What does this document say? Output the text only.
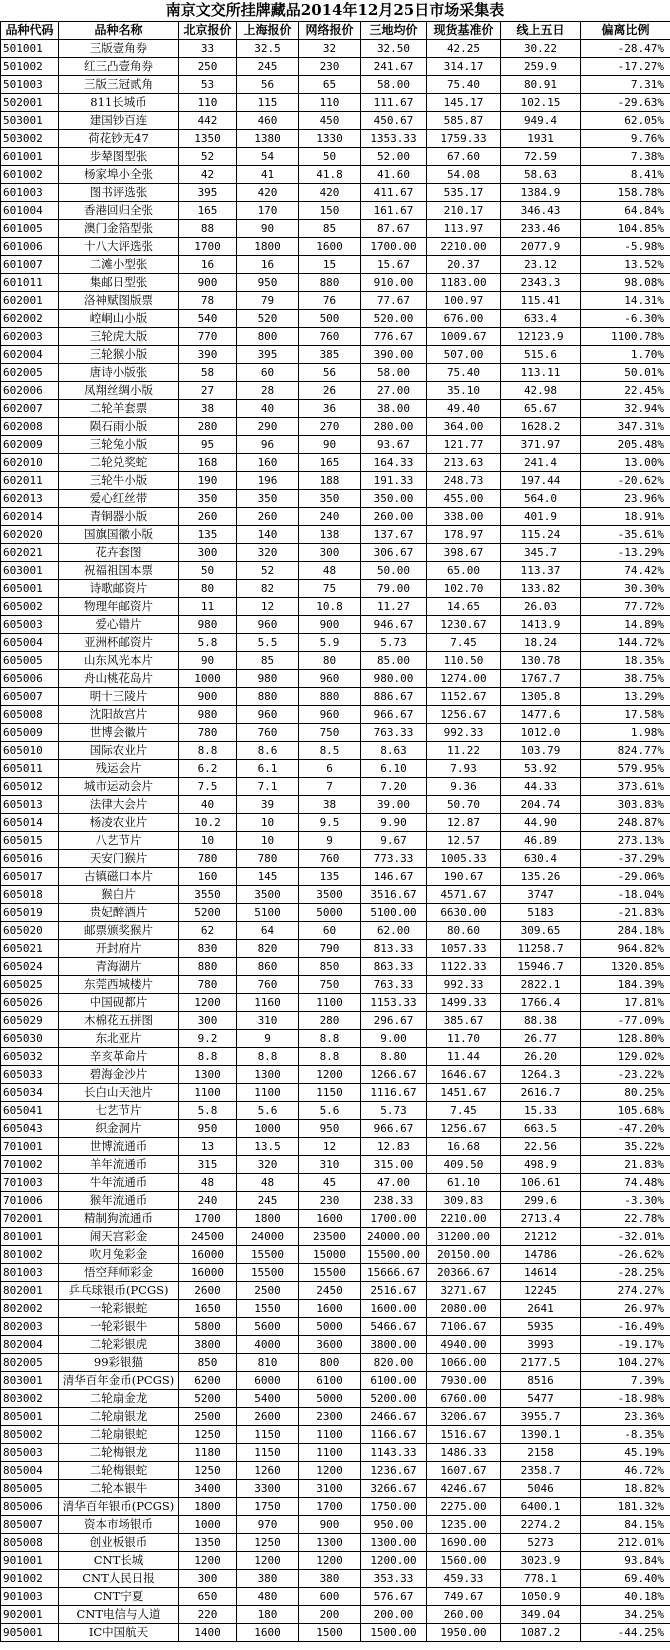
南京文交所挂牌藏品2014年12月25日市场采集表
品种代码	品种名称	北京报价	上海报价	网络报价	三地均价	现货基准价	线上五日	偏离比例
501001	三版壹角券	33	32.5	32	32.50	42.25	30.22	-28.47%
501002	红三凸壹角券	250	245	230	241.67	314.17	259.9	-17.27%
501003	三版三冠贰角	53	56	65	58.00	75.40	80.91	7.31%
502001	811长城币	110	115	110	111.67	145.17	102.15	-29.63%
503001	建国钞百连	442	460	450	450.67	585.87	949.4	62.05%
503002	荷花钞无47	1350	1380	1330	1353.33	1759.33	1931	9.76%
601001	步辇图型张	52	54	50	52.00	67.60	72.59	7.38%
601002	杨家埠小全张	42	41	41.8	41.60	54.08	58.63	8.41%
601003	图书评选张	395	420	420	411.67	535.17	1384.9	158.78%
601004	香港回归全张	165	170	150	161.67	210.17	346.43	64.84%
601005	澳门金箔型张	88	90	85	87.67	113.97	233.46	104.85%
601006	十八大评选张	1700	1800	1600	1700.00	2210.00	2077.9	-5.98%
601007	二滩小型张	16	16	15	15.67	20.37	23.12	13.52%
601011	集邮日型张	900	950	880	910.00	1183.00	2343.3	98.08%
602001	洛神赋图版票	78	79	76	77.67	100.97	115.41	14.31%
602002	崆峒山小版	540	520	500	520.00	676.00	633.4	-6.30%
602003	三轮虎大版	770	800	760	776.67	1009.67	12123.9	1100.78%
602004	三轮猴小版	390	395	385	390.00	507.00	515.6	1.70%
602005	唐诗小版张	58	60	56	58.00	75.40	113.11	50.01%
602006	凤翔丝绸小版	27	28	26	27.00	35.10	42.98	22.45%
602007	二轮羊套票	38	40	36	38.00	49.40	65.67	32.94%
602008	陨石雨小版	280	290	270	280.00	364.00	1628.2	347.31%
602009	三轮兔小版	95	96	90	93.67	121.77	371.97	205.48%
602010	二轮兑奖蛇	168	160	165	164.33	213.63	241.4	13.00%
602011	三轮牛小版	190	196	188	191.33	248.73	197.44	-20.62%
602013	爱心红丝带	350	350	350	350.00	455.00	564.0	23.96%
602014	青铜器小版	260	260	240	260.00	338.00	401.9	18.91%
602020	国旗国徽小版	135	140	138	137.67	178.97	115.24	-35.61%
602021	花卉套图	300	320	300	306.67	398.67	345.7	-13.29%
603001	祝福祖国本票	50	52	48	50.00	65.00	113.37	74.42%
605001	诗歌邮资片	80	82	75	79.00	102.70	133.82	30.30%
605002	物理年邮资片	11	12	10.8	11.27	14.65	26.03	77.72%
605003	爱心错片	980	960	900	946.67	1230.67	1413.9	14.89%
605004	亚洲杯邮资片	5.8	5.5	5.9	5.73	7.45	18.24	144.72%
605005	山东风光本片	90	85	80	85.00	110.50	130.78	18.35%
605006	舟山桃花岛片	1000	980	960	980.00	1274.00	1767.7	38.75%
605007	明十三陵片	900	880	880	886.67	1152.67	1305.8	13.29%
605008	沈阳故宫片	980	960	960	966.67	1256.67	1477.6	17.58%
605009	世博会徽片	780	760	750	763.33	992.33	1012.0	1.98%
605010	国际农业片	8.8	8.6	8.5	8.63	11.22	103.79	824.77%
605011	残运会片	6.2	6.1	6	6.10	7.93	53.92	579.95%
605012	城市运动会片	7.5	7.1	7	7.20	9.36	44.33	373.61%
605013	法律大会片	40	39	38	39.00	50.70	204.74	303.83%
605014	杨凌农业片	10.2	10	9.5	9.90	12.87	44.90	248.87%
605015	八艺节片	10	10	9	9.67	12.57	46.89	273.13%
605016	天安门猴片	780	780	760	773.33	1005.33	630.4	-37.29%
605017	古镇磁口本片	160	145	135	146.67	190.67	135.26	-29.06%
605018	猴白片	3550	3500	3500	3516.67	4571.67	3747	-18.04%
605019	贵妃醉酒片	5200	5100	5000	5100.00	6630.00	5183	-21.83%
605020	邮票颁奖猴片	62	64	60	62.00	80.60	309.65	284.18%
605021	开封府片	830	820	790	813.33	1057.33	11258.7	964.82%
605024	青海湖片	880	860	850	863.33	1122.33	15946.7	1320.85%
605025	东莞西城楼片	780	760	750	763.33	992.33	2822.1	184.39%
605026	中国砚都片	1200	1160	1100	1153.33	1499.33	1766.4	17.81%
605029	木棉花五拼图	300	310	280	296.67	385.67	88.38	-77.09%
605030	东北亚片	9.2	9	8.8	9.00	11.70	26.77	128.80%
605032	辛亥革命片	8.8	8.8	8.8	8.80	11.44	26.20	129.02%
605033	碧海金沙片	1300	1300	1200	1266.67	1646.67	1264.3	-23.22%
605034	长白山天池片	1100	1100	1150	1116.67	1451.67	2616.7	80.25%
605041	七艺节片	5.8	5.6	5.6	5.73	7.45	15.33	105.68%
605043	织金洞片	950	1000	950	966.67	1256.67	663.5	-47.20%
701001	世博流通币	13	13.5	12	12.83	16.68	22.56	35.22%
701002	羊年流通币	315	320	310	315.00	409.50	498.9	21.83%
701003	牛年流通币	48	48	45	47.00	61.10	106.61	74.48%
701006	猴年流通币	240	245	230	238.33	309.83	299.6	-3.30%
702001	精制狗流通币	1700	1800	1600	1700.00	2210.00	2713.4	22.78%
801001	闹天宫彩金	24500	24000	23500	24000.00	31200.00	21212	-32.01%
801002	吹月兔彩金	16000	15500	15000	15500.00	20150.00	14786	-26.62%
801003	悟空拜师彩金	16000	15500	15500	15666.67	20366.67	14614	-28.25%
802001	乒乓球银币(PCGS)	2600	2500	2450	2516.67	3271.67	12245	274.27%
802002	一轮彩银蛇	1650	1550	1600	1600.00	2080.00	2641	26.97%
802003	一轮彩银牛	5800	5600	5000	5466.67	7106.67	5935	-16.49%
802004	二轮彩银虎	3800	4000	3600	3800.00	4940.00	3993	-19.17%
802005	99彩银猫	850	810	800	820.00	1066.00	2177.5	104.27%
803001	清华百年金币(PCGS)	6200	6000	6100	6100.00	7930.00	8516	7.39%
803002	二轮扇金龙	5200	5400	5000	5200.00	6760.00	5477	-18.98%
805001	二轮扇银龙	2500	2600	2300	2466.67	3206.67	3955.7	23.36%
805002	二轮扇银蛇	1250	1150	1100	1166.67	1516.67	1390.1	-8.35%
805003	二轮梅银龙	1180	1150	1100	1143.33	1486.33	2158	45.19%
805004	二轮梅银蛇	1250	1260	1200	1236.67	1607.67	2358.7	46.72%
805005	二轮本银牛	3400	3300	3100	3266.67	4246.67	5046	18.82%
805006	清华百年银币(PCGS)	1800	1750	1700	1750.00	2275.00	6400.1	181.32%
805007	资本市场银币	1000	970	900	950.00	1235.00	2274.2	84.15%
805008	创业板银币	1350	1250	1300	1300.00	1690.00	5273	212.01%
901001	CNT长城	1200	1200	1200	1200.00	1560.00	3023.9	93.84%
901002	CNT人民日报	300	380	380	353.33	459.33	778.1	69.40%
901003	CNT宁夏	650	480	600	576.67	749.67	1050.9	40.18%
902001	CNT电信与人道	220	180	200	200.00	260.00	349.04	34.25%
905001	IC中国航天	1400	1600	1500	1500.00	1950.00	1087.2	-44.25%
